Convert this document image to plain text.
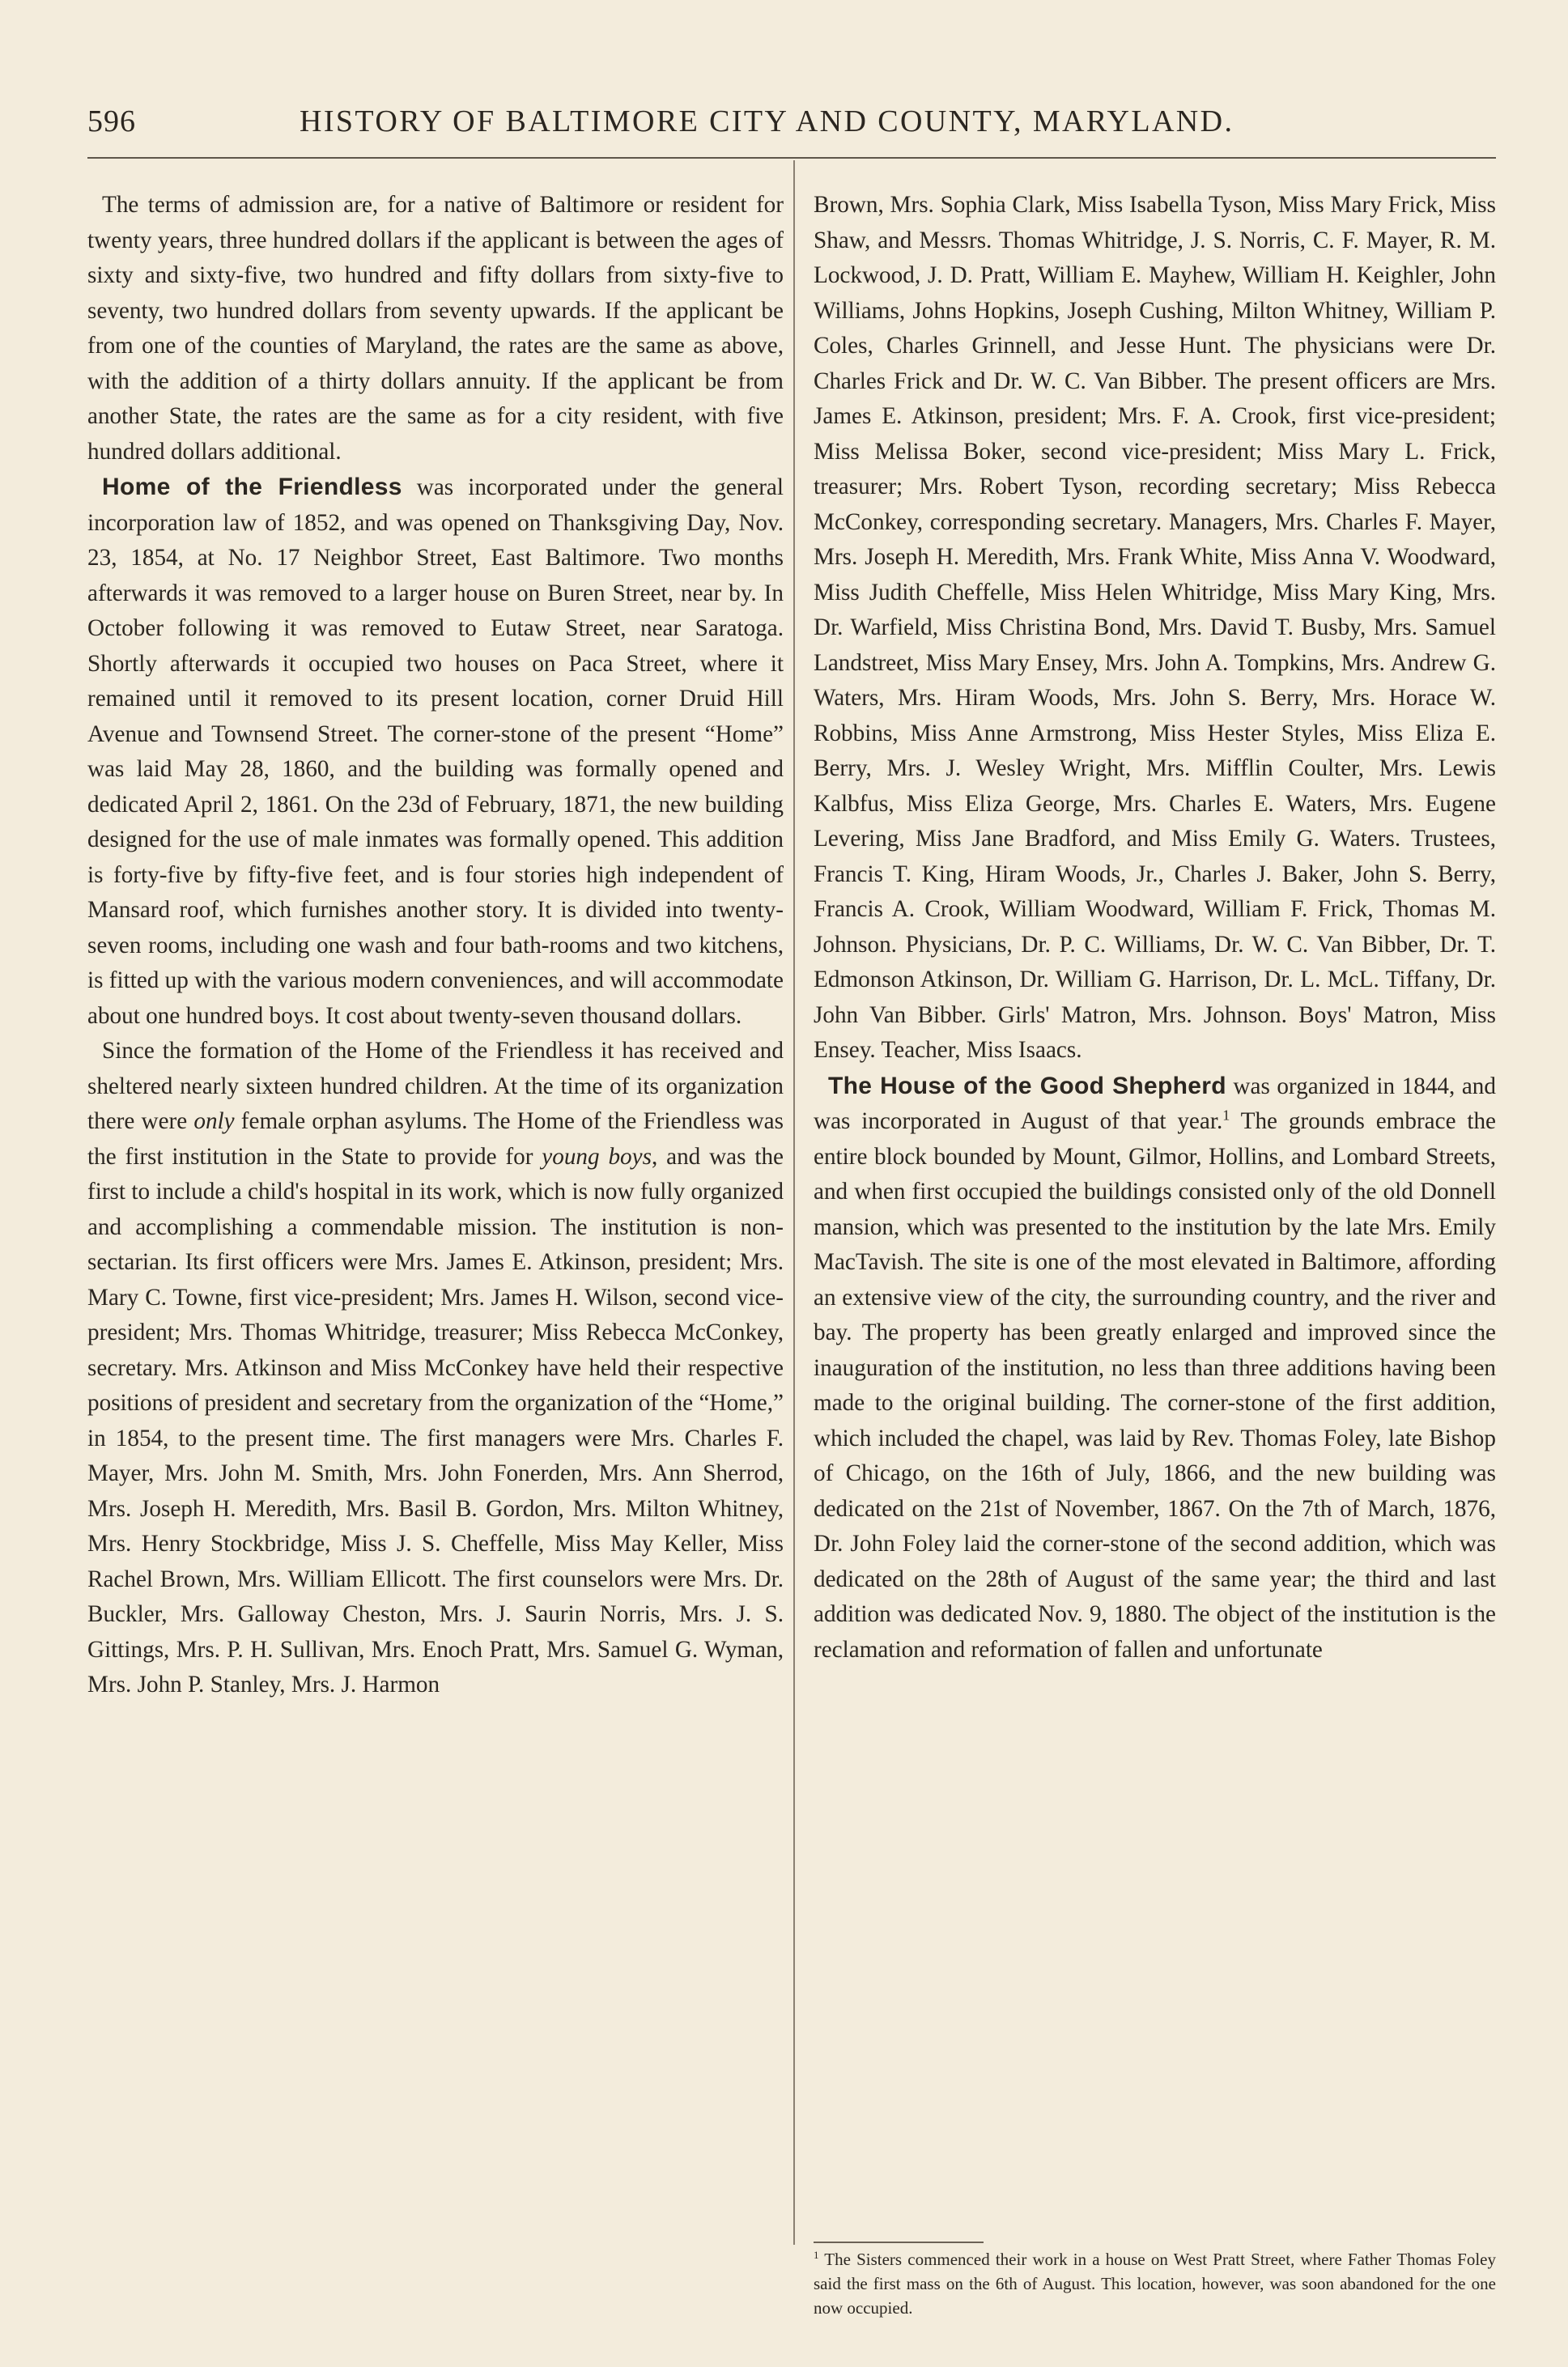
596	HISTORY OF BALTIMORE CITY AND COUNTY, MARYLAND.

The terms of admission are, for a native of Baltimore or resident for twenty years, three hundred dollars if the applicant is between the ages of sixty and sixty-five, two hundred and fifty dollars from sixty-five to seventy, two hundred dollars from seventy upwards. If the applicant be from one of the counties of Maryland, the rates are the same as above, with the addition of a thirty dollars annuity. If the applicant be from another State, the rates are the same as for a city resident, with five hundred dollars additional.

Home of the Friendless was incorporated under the general incorporation law of 1852, and was opened on Thanksgiving Day, Nov. 23, 1854, at No. 17 Neighbor Street, East Baltimore. Two months afterwards it was removed to a larger house on Buren Street, near by. In October following it was removed to Eutaw Street, near Saratoga. Shortly afterwards it occupied two houses on Paca Street, where it remained until it removed to its present location, corner Druid Hill Avenue and Townsend Street. The corner-stone of the present “Home” was laid May 28, 1860, and the building was formally opened and dedicated April 2, 1861. On the 23d of February, 1871, the new building designed for the use of male inmates was formally opened. This addition is forty-five by fifty-five feet, and is four stories high independent of Mansard roof, which furnishes another story. It is divided into twenty-seven rooms, including one wash and four bath-rooms and two kitchens, is fitted up with the various modern conveniences, and will accommodate about one hundred boys. It cost about twenty-seven thousand dollars.

Since the formation of the Home of the Friendless it has received and sheltered nearly sixteen hundred children. At the time of its organization there were only female orphan asylums. The Home of the Friendless was the first institution in the State to provide for young boys, and was the first to include a child's hospital in its work, which is now fully organized and accomplishing a commendable mission. The institution is non-sectarian. Its first officers were Mrs. James E. Atkinson, president; Mrs. Mary C. Towne, first vice-president; Mrs. James H. Wilson, second vice-president; Mrs. Thomas Whitridge, treasurer; Miss Rebecca McConkey, secretary. Mrs. Atkinson and Miss McConkey have held their respective positions of president and secretary from the organization of the “Home,” in 1854, to the present time. The first managers were Mrs. Charles F. Mayer, Mrs. John M. Smith, Mrs. John Fonerden, Mrs. Ann Sherrod, Mrs. Joseph H. Meredith, Mrs. Basil B. Gordon, Mrs. Milton Whitney, Mrs. Henry Stockbridge, Miss J. S. Cheffelle, Miss May Keller, Miss Rachel Brown, Mrs. William Ellicott. The first counselors were Mrs. Dr. Buckler, Mrs. Galloway Cheston, Mrs. J. Saurin Norris, Mrs. J. S. Gittings, Mrs. P. H. Sullivan, Mrs. Enoch Pratt, Mrs. Samuel G. Wyman, Mrs. John P. Stanley, Mrs. J. Harmon

Brown, Mrs. Sophia Clark, Miss Isabella Tyson, Miss Mary Frick, Miss Shaw, and Messrs. Thomas Whitridge, J. S. Norris, C. F. Mayer, R. M. Lockwood, J. D. Pratt, William E. Mayhew, William H. Keighler, John Williams, Johns Hopkins, Joseph Cushing, Milton Whitney, William P. Coles, Charles Grinnell, and Jesse Hunt. The physicians were Dr. Charles Frick and Dr. W. C. Van Bibber. The present officers are Mrs. James E. Atkinson, president; Mrs. F. A. Crook, first vice-president; Miss Melissa Boker, second vice-president; Miss Mary L. Frick, treasurer; Mrs. Robert Tyson, recording secretary; Miss Rebecca McConkey, corresponding secretary. Managers, Mrs. Charles F. Mayer, Mrs. Joseph H. Meredith, Mrs. Frank White, Miss Anna V. Woodward, Miss Judith Cheffelle, Miss Helen Whitridge, Miss Mary King, Mrs. Dr. Warfield, Miss Christina Bond, Mrs. David T. Busby, Mrs. Samuel Landstreet, Miss Mary Ensey, Mrs. John A. Tompkins, Mrs. Andrew G. Waters, Mrs. Hiram Woods, Mrs. John S. Berry, Mrs. Horace W. Robbins, Miss Anne Armstrong, Miss Hester Styles, Miss Eliza E. Berry, Mrs. J. Wesley Wright, Mrs. Mifflin Coulter, Mrs. Lewis Kalbfus, Miss Eliza George, Mrs. Charles E. Waters, Mrs. Eugene Levering, Miss Jane Bradford, and Miss Emily G. Waters. Trustees, Francis T. King, Hiram Woods, Jr., Charles J. Baker, John S. Berry, Francis A. Crook, William Woodward, William F. Frick, Thomas M. Johnson. Physicians, Dr. P. C. Williams, Dr. W. C. Van Bibber, Dr. T. Edmonson Atkinson, Dr. William G. Harrison, Dr. L. McL. Tiffany, Dr. John Van Bibber. Girls' Matron, Mrs. Johnson. Boys' Matron, Miss Ensey. Teacher, Miss Isaacs.

The House of the Good Shepherd was organized in 1844, and was incorporated in August of that year.$^1$ The grounds embrace the entire block bounded by Mount, Gilmor, Hollins, and Lombard Streets, and when first occupied the buildings consisted only of the old Donnell mansion, which was presented to the institution by the late Mrs. Emily MacTavish. The site is one of the most elevated in Baltimore, affording an extensive view of the city, the surrounding country, and the river and bay. The property has been greatly enlarged and improved since the inauguration of the institution, no less than three additions having been made to the original building. The corner-stone of the first addition, which included the chapel, was laid by Rev. Thomas Foley, late Bishop of Chicago, on the 16th of July, 1866, and the new building was dedicated on the 21st of November, 1867. On the 7th of March, 1876, Dr. John Foley laid the corner-stone of the second addition, which was dedicated on the 28th of August of the same year; the third and last addition was dedicated Nov. 9, 1880. The object of the institution is the reclamation and reformation of fallen and unfortunate

$^1$ The Sisters commenced their work in a house on West Pratt Street, where Father Thomas Foley said the first mass on the 6th of August. This location, however, was soon abandoned for the one now occupied.
